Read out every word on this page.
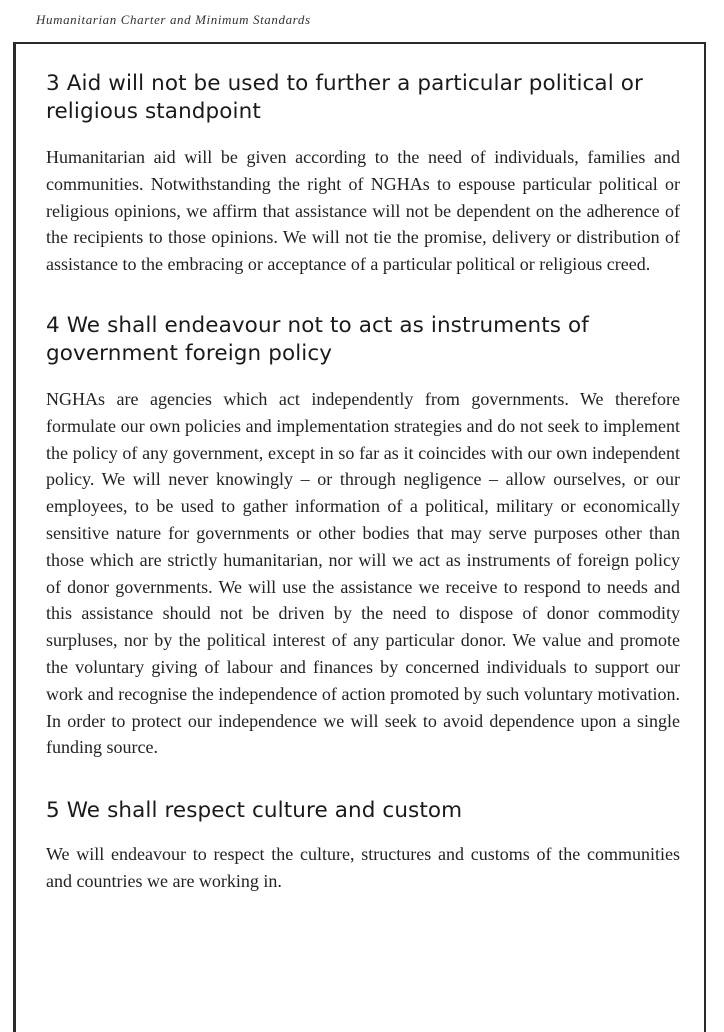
Humanitarian Charter and Minimum Standards
3 Aid will not be used to further a particular political or religious standpoint

Humanitarian aid will be given according to the need of individuals, families and communities. Notwithstanding the right of NGHAs to espouse particular political or religious opinions, we affirm that assistance will not be dependent on the adherence of the recipients to those opinions. We will not tie the promise, delivery or distribution of assistance to the embracing or acceptance of a particular political or religious creed.

4 We shall endeavour not to act as instruments of government foreign policy

NGHAs are agencies which act independently from governments. We therefore formulate our own policies and implementation strategies and do not seek to implement the policy of any government, except in so far as it coincides with our own independent policy. We will never knowingly – or through negligence – allow ourselves, or our employees, to be used to gather information of a political, military or economically sensitive nature for governments or other bodies that may serve purposes other than those which are strictly humanitarian, nor will we act as instruments of foreign policy of donor governments. We will use the assistance we receive to respond to needs and this assistance should not be driven by the need to dispose of donor commodity surpluses, nor by the political interest of any particular donor. We value and promote the voluntary giving of labour and finances by concerned individuals to support our work and recognise the independence of action promoted by such voluntary motivation. In order to protect our independence we will seek to avoid dependence upon a single funding source.

5 We shall respect culture and custom

We will endeavour to respect the culture, structures and customs of the communities and countries we are working in.
